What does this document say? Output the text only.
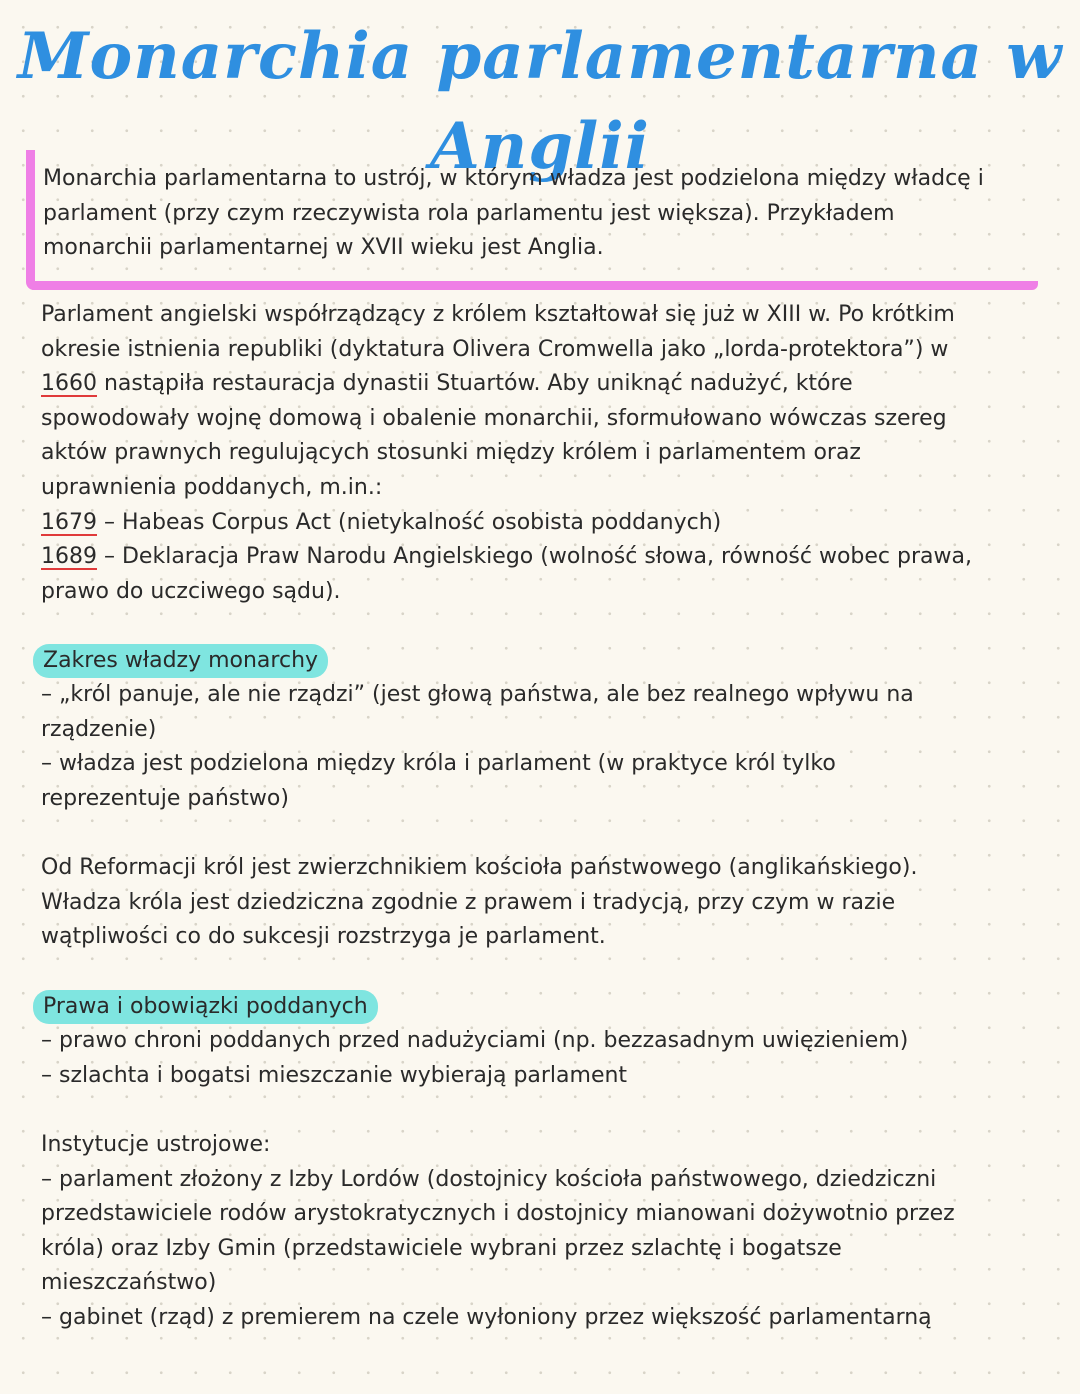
Monarchia parlamentarna w Anglii

Monarchia parlamentarna to ustrój, w którym władza jest podzielona między władcę i
parlament (przy czym rzeczywista rola parlamentu jest większa). Przykładem
monarchii parlamentarnej w XVII wieku jest Anglia.

Parlament angielski współrządzący z królem kształtował się już w XIII w. Po krótkim
okresie istnienia republiki (dyktatura Olivera Cromwella jako „lorda-protektora”) w
1660 nastąpiła restauracja dynastii Stuartów. Aby uniknąć nadużyć, które
spowodowały wojnę domową i obalenie monarchii, sformułowano wówczas szereg
aktów prawnych regulujących stosunki między królem i parlamentem oraz
uprawnienia poddanych, m.in.:
1679 – Habeas Corpus Act (nietykalność osobista poddanych)
1689 – Deklaracja Praw Narodu Angielskiego (wolność słowa, równość wobec prawa,
prawo do uczciwego sądu).

Zakres władzy monarchy

– „król panuje, ale nie rządzi” (jest głową państwa, ale bez realnego wpływu na
rządzenie)
– władza jest podzielona między króla i parlament (w praktyce król tylko
reprezentuje państwo)

Od Reformacji król jest zwierzchnikiem kościoła państwowego (anglikańskiego).
Władza króla jest dziedziczna zgodnie z prawem i tradycją, przy czym w razie
wątpliwości co do sukcesji rozstrzyga je parlament.

Prawa i obowiązki poddanych

– prawo chroni poddanych przed nadużyciami (np. bezzasadnym uwięzieniem)
– szlachta i bogatsi mieszczanie wybierają parlament

Instytucje ustrojowe:
– parlament złożony z Izby Lordów (dostojnicy kościoła państwowego, dziedziczni
przedstawiciele rodów arystokratycznych i dostojnicy mianowani dożywotnio przez
króla) oraz Izby Gmin (przedstawiciele wybrani przez szlachtę i bogatsze
mieszczaństwo)
– gabinet (rząd) z premierem na czele wyłoniony przez większość parlamentarną
